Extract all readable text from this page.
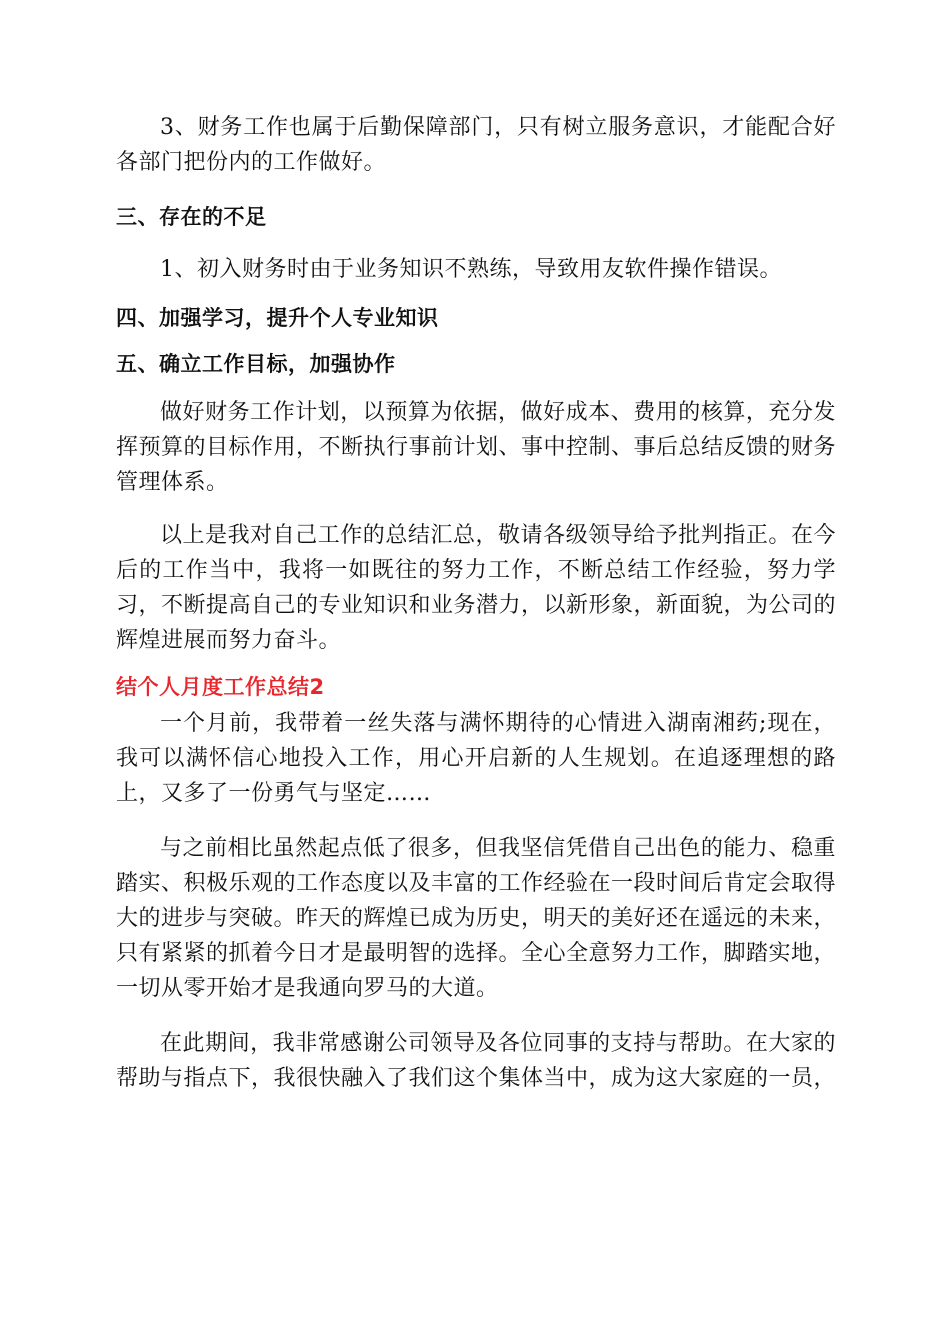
3、财务工作也属于后勤保障部门，只有树立服务意识，才能配合好各部门把份内的工作做好。

三、存在的不足

1、初入财务时由于业务知识不熟练，导致用友软件操作错误。

四、加强学习，提升个人专业知识
五、确立工作目标，加强协作

做好财务工作计划，以预算为依据，做好成本、费用的核算，充分发挥预算的目标作用，不断执行事前计划、事中控制、事后总结反馈的财务管理体系。

以上是我对自己工作的总结汇总，敬请各级领导给予批判指正。在今后的工作当中，我将一如既往的努力工作，不断总结工作经验，努力学习，不断提高自己的专业知识和业务潜力，以新形象，新面貌，为公司的辉煌进展而努力奋斗。

结个人月度工作总结2

一个月前，我带着一丝失落与满怀期待的心情进入湖南湘药;现在，我可以满怀信心地投入工作，用心开启新的人生规划。在追逐理想的路上，又多了一份勇气与坚定……

与之前相比虽然起点低了很多，但我坚信凭借自己出色的能力、稳重踏实、积极乐观的工作态度以及丰富的工作经验在一段时间后肯定会取得大的进步与突破。昨天的辉煌已成为历史，明天的美好还在遥远的未来，只有紧紧的抓着今日才是最明智的选择。全心全意努力工作，脚踏实地，一切从零开始才是我通向罗马的大道。

在此期间，我非常感谢公司领导及各位同事的支持与帮助。在大家的帮助与指点下，我很快融入了我们这个集体当中，成为这大家庭的一员，
